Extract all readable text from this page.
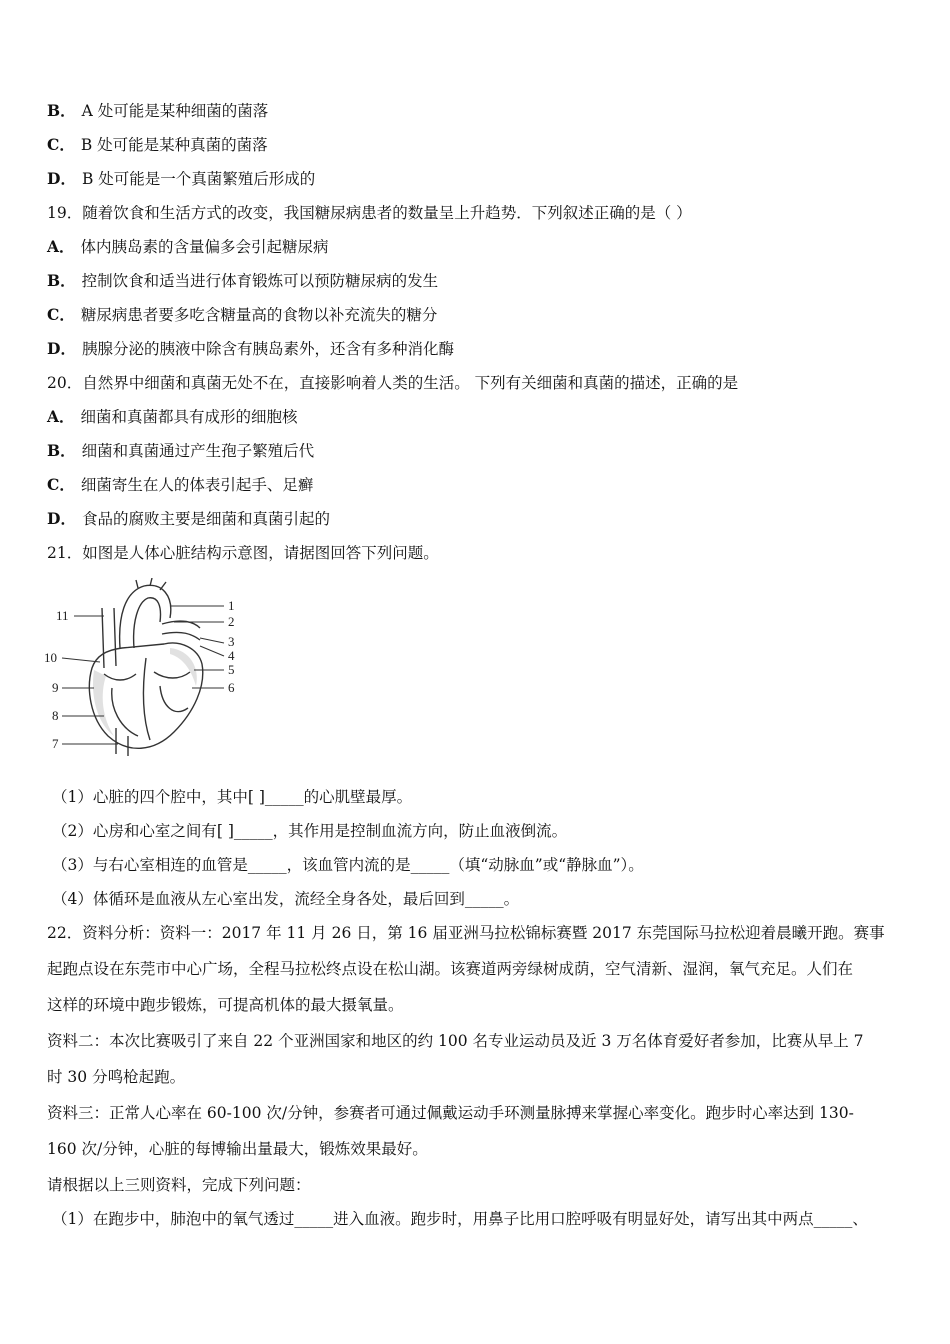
B． A 处可能是某种细菌的菌落
C． B 处可能是某种真菌的菌落
D． B 处可能是一个真菌繁殖后形成的
19．随着饮食和生活方式的改变，我国糖尿病患者的数量呈上升趋势．下列叙述正确的是（ ）
A． 体内胰岛素的含量偏多会引起糖尿病
B． 控制饮食和适当进行体育锻炼可以预防糖尿病的发生
C． 糖尿病患者要多吃含糖量高的食物以补充流失的糖分
D． 胰腺分泌的胰液中除含有胰岛素外，还含有多种消化酶
20．自然界中细菌和真菌无处不在，直接影响着人类的生活。 下列有关细菌和真菌的描述，正确的是
A． 细菌和真菌都具有成形的细胞核
B． 细菌和真菌通过产生孢子繁殖后代
C． 细菌寄生在人的体表引起手、足癣
D． 食品的腐败主要是细菌和真菌引起的
21．如图是人体心脏结构示意图，请据图回答下列问题。
1
2
3
4
5
6
7
8
9
10
11
（1）心脏的四个腔中，其中[ ]_____的心肌壁最厚。
（2）心房和心室之间有[ ]_____，其作用是控制血流方向，防止血液倒流。
（3）与右心室相连的血管是_____，该血管内流的是_____（填“动脉血”或“静脉血”）。
（4）体循环是血液从左心室出发，流经全身各处，最后回到_____。
22．资料分析：资料一：2017 年 11 月 26 日，第 16 届亚洲马拉松锦标赛暨 2017 东莞国际马拉松迎着晨曦开跑。赛事
起跑点设在东莞市中心广场，全程马拉松终点设在松山湖。该赛道两旁绿树成荫，空气清新、湿润，氧气充足。人们在
这样的环境中跑步锻炼，可提高机体的最大摄氧量。
资料二：本次比赛吸引了来自 22 个亚洲国家和地区的约 100 名专业运动员及近 3 万名体育爱好者参加，比赛从早上 7
时 30 分鸣枪起跑。
资料三：正常人心率在 60-100 次/分钟，参赛者可通过佩戴运动手环测量脉搏来掌握心率变化。跑步时心率达到 130-
160 次/分钟，心脏的每博输出量最大，锻炼效果最好。
请根据以上三则资料，完成下列问题：
（1）在跑步中，肺泡中的氧气透过_____进入血液。跑步时，用鼻子比用口腔呼吸有明显好处，请写出其中两点_____、
